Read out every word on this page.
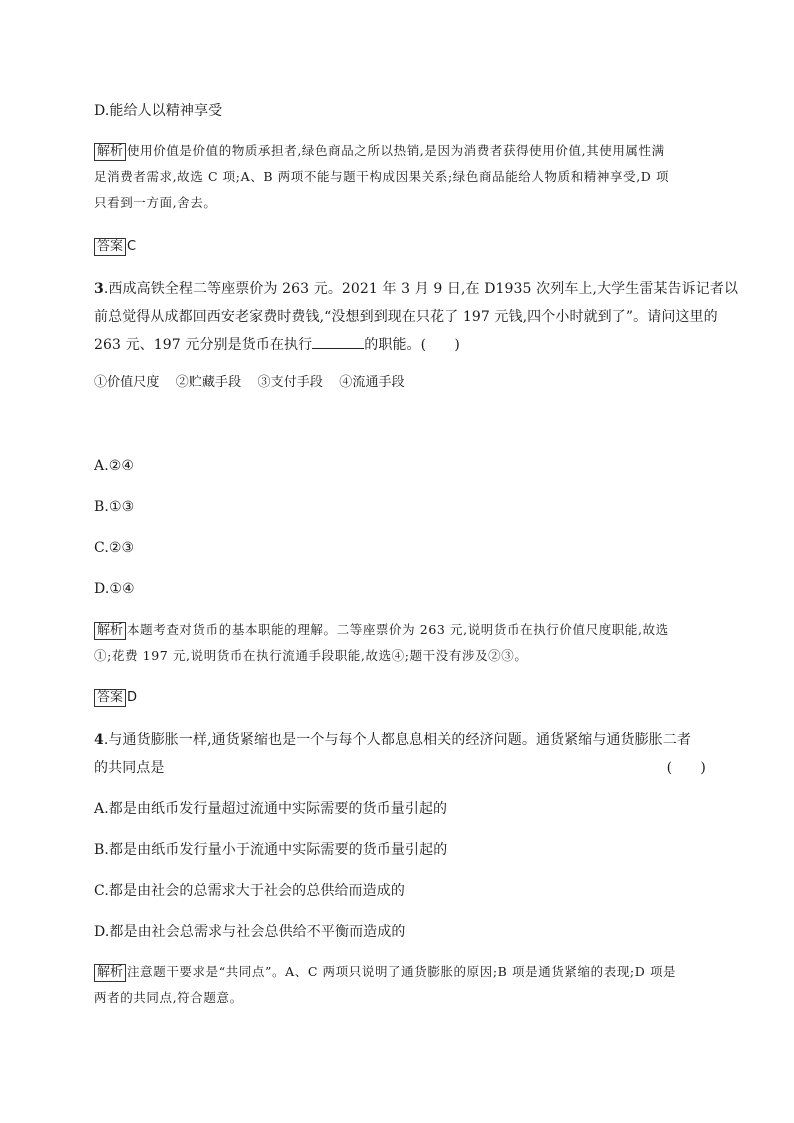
D.能给人以精神享受
解析 使用价值是价值的物质承担者,绿色商品之所以热销,是因为消费者获得使用价值,其使用属性满
足消费者需求,故选 C 项;A、B 两项不能与题干构成因果关系;绿色商品能给人物质和精神享受,D 项
只看到一方面,舍去。
答案 C
3.西成高铁全程二等座票价为 263 元。2021 年 3 月 9 日,在 D1935 次列车上,大学生雷某告诉记者以
前总觉得从成都回西安老家费时费钱,“没想到到现在只花了 197 元钱,四个小时就到了”。请问这里的
263 元、197 元分别是货币在执行	的职能。(　　)
①价值尺度 ②贮藏手段 ③支付手段 ④流通手段
A.②④
B.①③
C.②③
D.①④
解析 本题考查对货币的基本职能的理解。二等座票价为 263 元,说明货币在执行价值尺度职能,故选
①;花费 197 元,说明货币在执行流通手段职能,故选④;题干没有涉及②③。
答案 D
4.与通货膨胀一样,通货紧缩也是一个与每个人都息息相关的经济问题。通货紧缩与通货膨胀二者
的共同点是	(　　)
A.都是由纸币发行量超过流通中实际需要的货币量引起的
B.都是由纸币发行量小于流通中实际需要的货币量引起的
C.都是由社会的总需求大于社会的总供给而造成的
D.都是由社会总需求与社会总供给不平衡而造成的
解析 注意题干要求是“共同点”。A、C 两项只说明了通货膨胀的原因;B 项是通货紧缩的表现;D 项是
两者的共同点,符合题意。
